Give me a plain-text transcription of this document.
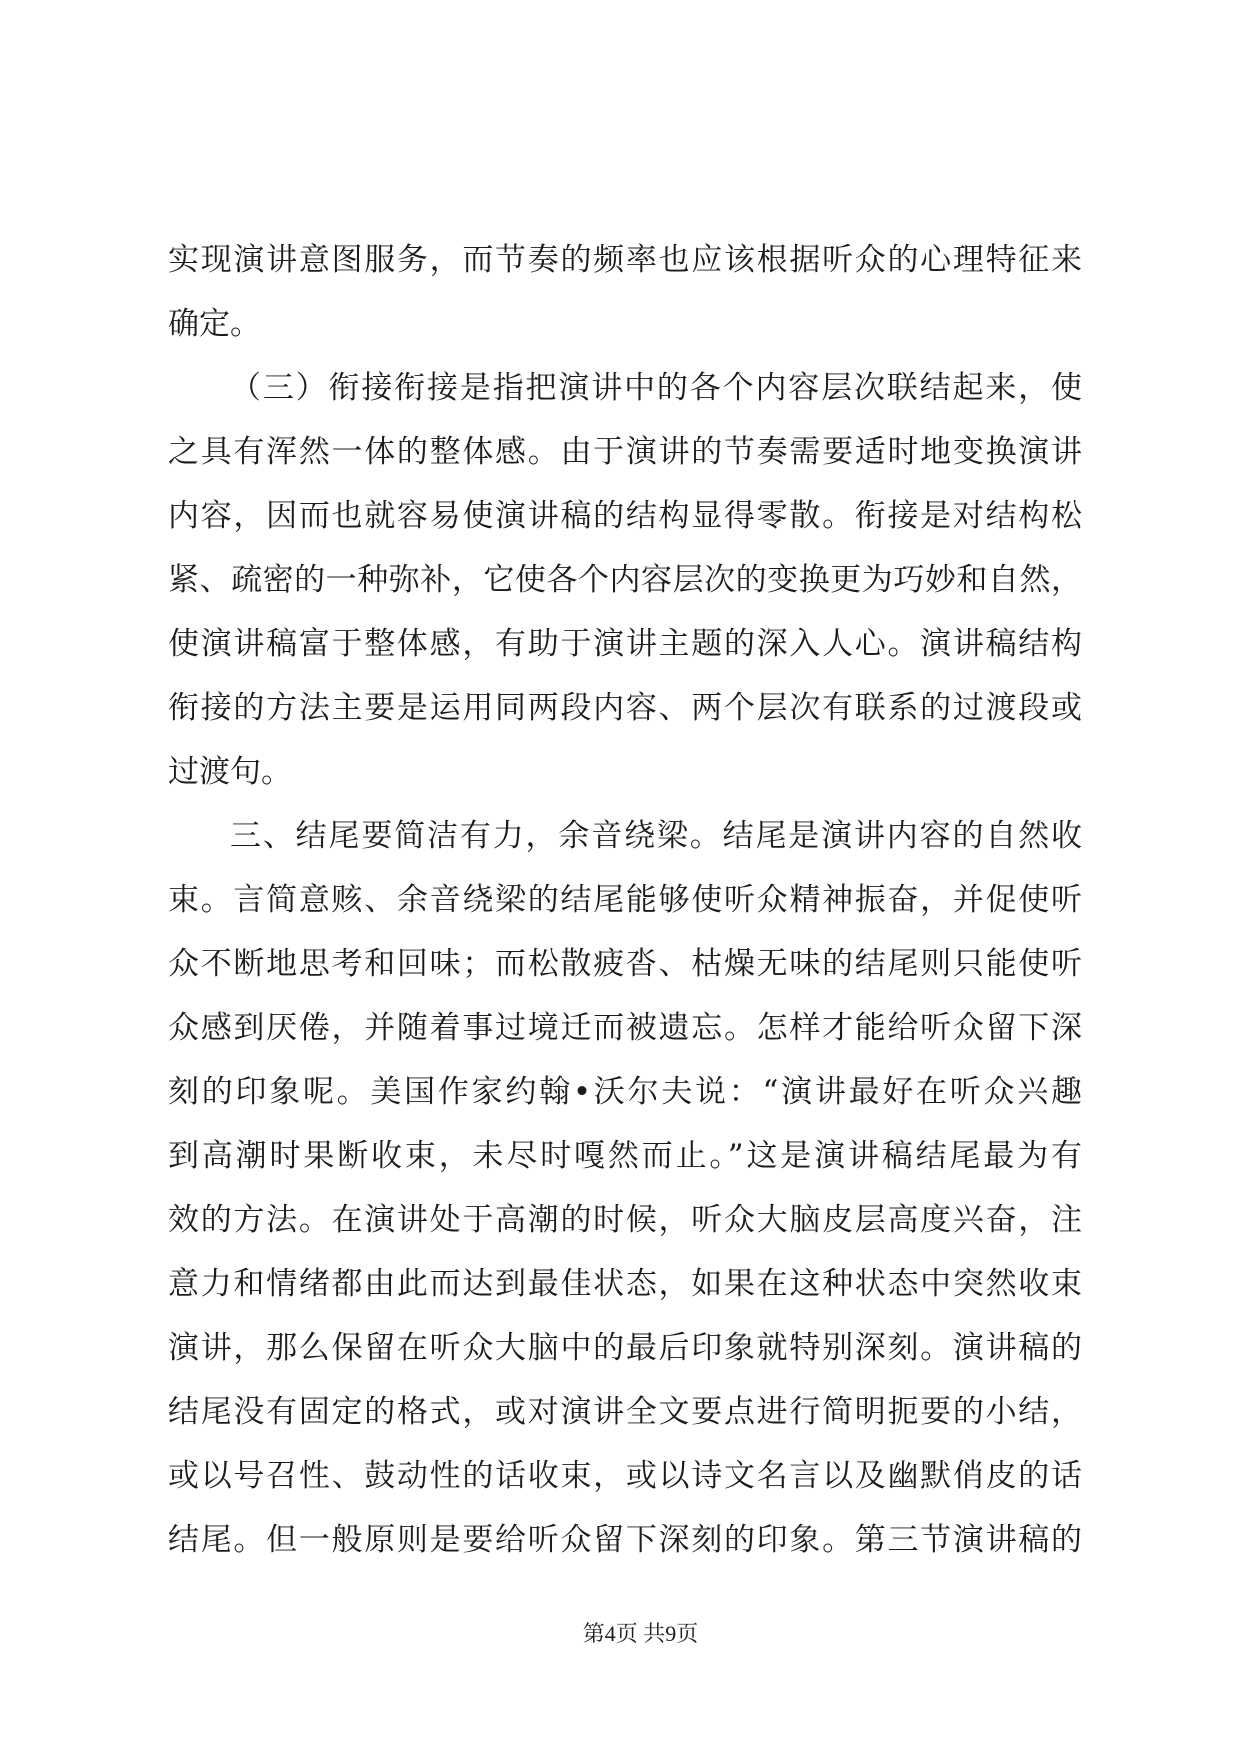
实现演讲意图服务，而节奏的频率也应该根据听众的心理特征来
确定。
（三）衔接衔接是指把演讲中的各个内容层次联结起来，使
之具有浑然一体的整体感。由于演讲的节奏需要适时地变换演讲
内容，因而也就容易使演讲稿的结构显得零散。衔接是对结构松
紧、疏密的一种弥补，它使各个内容层次的变换更为巧妙和自然，
使演讲稿富于整体感，有助于演讲主题的深入人心。演讲稿结构
衔接的方法主要是运用同两段内容、两个层次有联系的过渡段或
过渡句。
三、结尾要简洁有力，余音绕梁。结尾是演讲内容的自然收
束。言简意赅、余音绕梁的结尾能够使听众精神振奋，并促使听
众不断地思考和回味；而松散疲沓、枯燥无味的结尾则只能使听
众感到厌倦，并随着事过境迁而被遗忘。怎样才能给听众留下深
刻的印象呢。美国作家约翰•沃尔夫说：“演讲最好在听众兴趣
到高潮时果断收束，未尽时嘎然而止。”这是演讲稿结尾最为有
效的方法。在演讲处于高潮的时候，听众大脑皮层高度兴奋，注
意力和情绪都由此而达到最佳状态，如果在这种状态中突然收束
演讲，那么保留在听众大脑中的最后印象就特别深刻。演讲稿的
结尾没有固定的格式，或对演讲全文要点进行简明扼要的小结，
或以号召性、鼓动性的话收束，或以诗文名言以及幽默俏皮的话
结尾。但一般原则是要给听众留下深刻的印象。第三节演讲稿的
第4页 共9页
